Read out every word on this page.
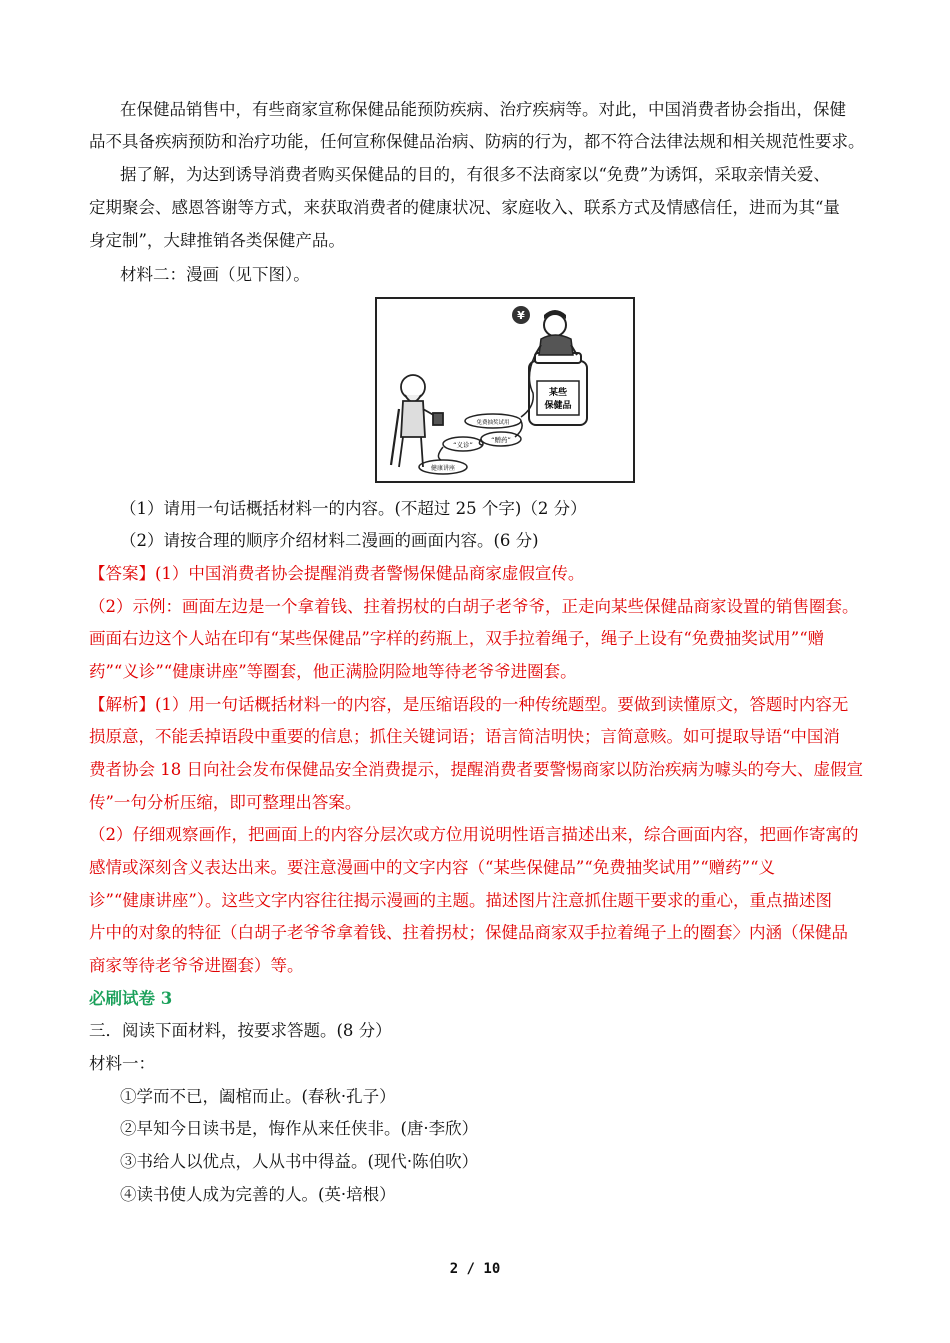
在保健品销售中，有些商家宣称保健品能预防疾病、治疗疾病等。对此，中国消费者协会指出，保健
品不具备疾病预防和治疗功能，任何宣称保健品治病、防病的行为，都不符合法律法规和相关规范性要求。
据了解，为达到诱导消费者购买保健品的目的，有很多不法商家以“免费”为诱饵，采取亲情关爱、
定期聚会、感恩答谢等方式，来获取消费者的健康状况、家庭收入、联系方式及情感信任，进而为其“量
身定制”，大肆推销各类保健产品。
材料二：漫画（见下图）。
某些
保健品
¥
免费抽奖试用
“赠药”
“义诊”
健康讲座
（1）请用一句话概括材料一的内容。(不超过 25 个字)（2 分）
（2）请按合理的顺序介绍材料二漫画的画面内容。(6 分)
【答案】(1）中国消费者协会提醒消费者警惕保健品商家虚假宣传。
（2）示例：画面左边是一个拿着钱、拄着拐杖的白胡子老爷爷，正走向某些保健品商家设置的销售圈套。
画面右边这个人站在印有“某些保健品”字样的药瓶上，双手拉着绳子，绳子上设有“免费抽奖试用”“赠
药”“义诊”“健康讲座”等圈套，他正满脸阴险地等待老爷爷进圈套。
【解析】(1）用一句话概括材料一的内容，是压缩语段的一种传统题型。要做到读懂原文，答题时内容无
损原意，不能丢掉语段中重要的信息；抓住关键词语；语言简洁明快；言简意赅。如可提取导语“中国消
费者协会 18 日向社会发布保健品安全消费提示，提醒消费者要警惕商家以防治疾病为噱头的夸大、虚假宣
传”一句分析压缩，即可整理出答案。
（2）仔细观察画作，把画面上的内容分层次或方位用说明性语言描述出来，综合画面内容，把画作寄寓的
感情或深刻含义表达出来。要注意漫画中的文字内容（“某些保健品”“免费抽奖试用”“赠药”“义
诊”“健康讲座”）。这些文字内容往往揭示漫画的主题。描述图片注意抓住题干要求的重心，重点描述图
片中的对象的特征（白胡子老爷爷拿着钱、拄着拐杖；保健品商家双手拉着绳子上的圈套〉内涵（保健品
商家等待老爷爷进圈套）等。
必刷试卷 3
三．阅读下面材料，按要求答题。(8 分）
材料一：
①学而不已，阖棺而止。(春秋·孔子）
②早知今日读书是，悔作从来任侠非。(唐·李欣）
③书给人以优点，人从书中得益。(现代·陈伯吹）
④读书使人成为完善的人。(英·培根）
2 / 10
